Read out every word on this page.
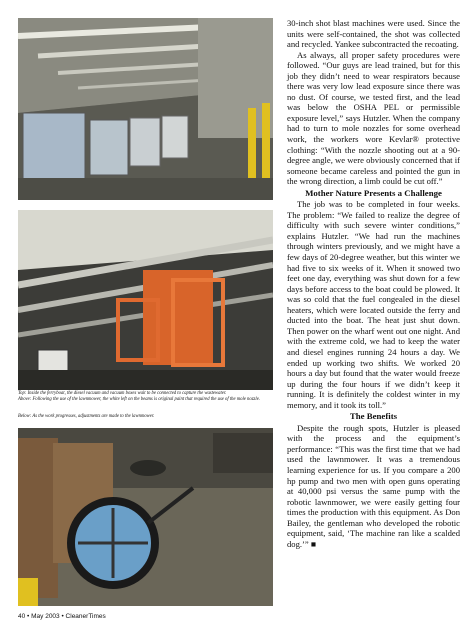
Top: Inside the ferryboat, the diesel vacuum and vacuum boxes wait to be connected to capture the wastewater.
Above: Following the use of the lawnmower, the white left on the beams is original paint that required the use of the mole nozzle.
Below: As the work progresses, adjustments are made to the lawnmower.

30-inch shot blast machines were used. Since the units were self-contained, the shot was collected and recycled. Yankee subcontracted the recoating.

As always, all proper safety procedures were followed. “Our guys are lead trained, but for this job they didn’t need to wear respirators because there was very low lead exposure since there was no dust. Of course, we tested first, and the lead was below the OSHA PEL or permissible exposure level,” says Hutzler. When the company had to turn to mole nozzles for some overhead work, the workers wore Kevlar® protective clothing: “With the nozzle shooting out at a 90-degree angle, we were obviously concerned that if someone became careless and pointed the gun in the wrong direction, a limb could be cut off.”

Mother Nature Presents a Challenge

The job was to be completed in four weeks. The problem: “We failed to realize the degree of difficulty with such severe winter conditions,” explains Hutzler. “We had run the machines through winters previously, and we might have a few days of 20-degree weather, but this winter we had five to six weeks of it. When it snowed two feet one day, everything was shut down for a few days before access to the boat could be plowed. It was so cold that the fuel congealed in the diesel heaters, which were located outside the ferry and ducted into the boat. The heat just shut down. Then power on the wharf went out one night. And with the extreme cold, we had to keep the water and diesel engines running 24 hours a day. We ended up working two shifts. We worked 20 hours a day but found that the water would freeze up during the four hours if we didn’t keep it running. It is definitely the coldest winter in my memory, and it took its toll.”

The Benefits

Despite the rough spots, Hutzler is pleased with the process and the equipment’s performance: “This was the first time that we had used the lawnmower. It was a tremendous learning experience for us. If you compare a 200 hp pump and two men with open guns operating at 40,000 psi versus the same pump with the robotic lawnmower, we were easily getting four times the production with this equipment. As Don Bailey, the gentleman who developed the robotic equipment, said, ‘The machine ran like a scalded dog.’” ■

40 • May 2003 • CleanerTimes
